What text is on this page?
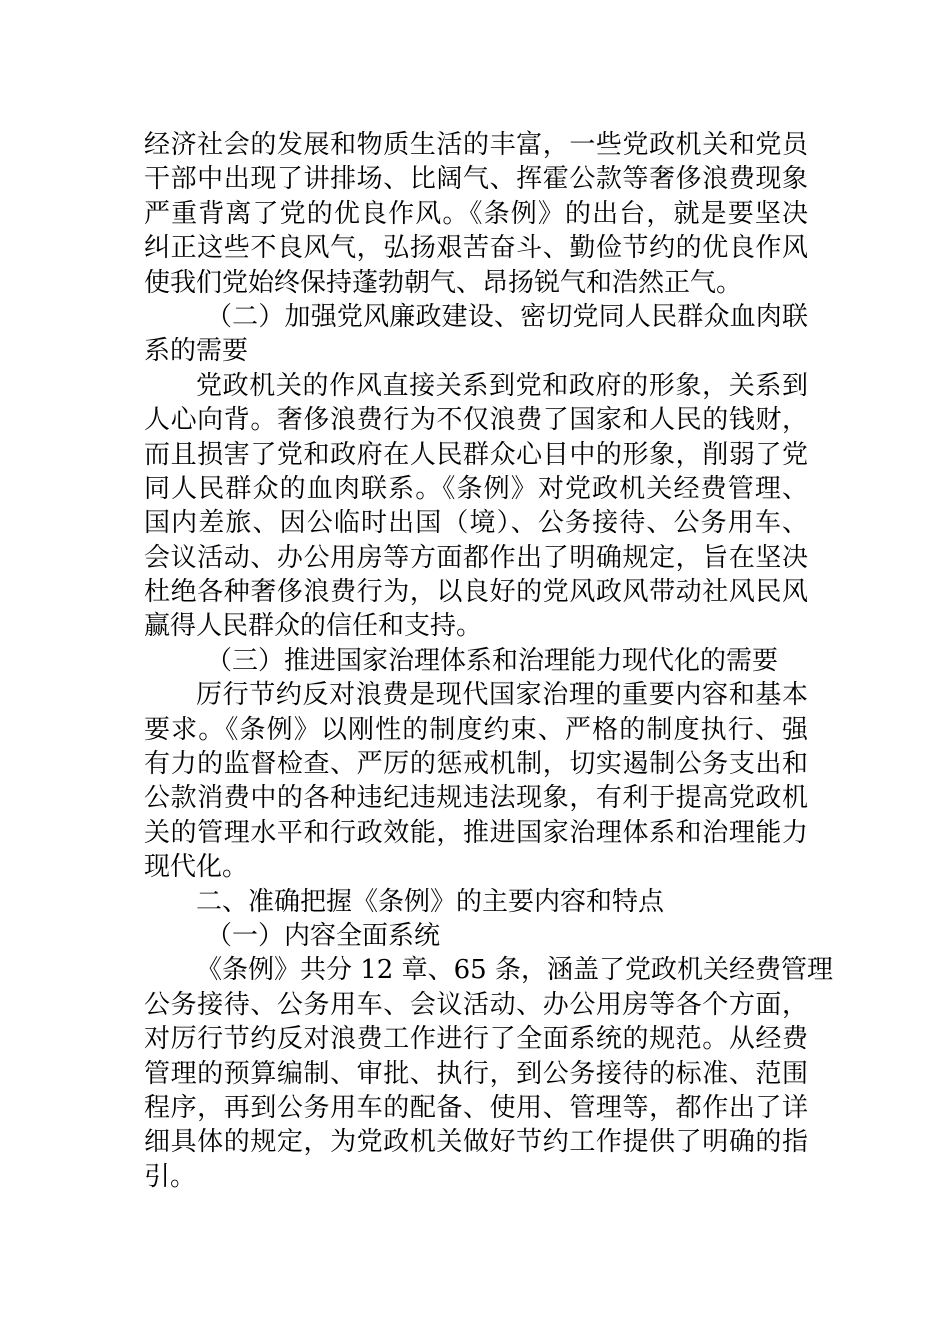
经济社会的发展和物质生活的丰富，一些党政机关和党员
干部中出现了讲排场、比阔气、挥霍公款等奢侈浪费现象
严重背离了党的优良作风。《条例》的出台，就是要坚决
纠正这些不良风气，弘扬艰苦奋斗、勤俭节约的优良作风
使我们党始终保持蓬勃朝气、昂扬锐气和浩然正气。
（二）加强党风廉政建设、密切党同人民群众血肉联
系的需要
党政机关的作风直接关系到党和政府的形象，关系到
人心向背。奢侈浪费行为不仅浪费了国家和人民的钱财，
而且损害了党和政府在人民群众心目中的形象，削弱了党
同人民群众的血肉联系。《条例》对党政机关经费管理、
国内差旅、因公临时出国（境）、公务接待、公务用车、
会议活动、办公用房等方面都作出了明确规定，旨在坚决
杜绝各种奢侈浪费行为，以良好的党风政风带动社风民风
赢得人民群众的信任和支持。
（三）推进国家治理体系和治理能力现代化的需要
厉行节约反对浪费是现代国家治理的重要内容和基本
要求。《条例》以刚性的制度约束、严格的制度执行、强
有力的监督检查、严厉的惩戒机制，切实遏制公务支出和
公款消费中的各种违纪违规违法现象，有利于提高党政机
关的管理水平和行政效能，推进国家治理体系和治理能力
现代化。
二、准确把握《条例》的主要内容和特点
（一）内容全面系统
《条例》共分 12 章、65 条，涵盖了党政机关经费管理
公务接待、公务用车、会议活动、办公用房等各个方面，
对厉行节约反对浪费工作进行了全面系统的规范。从经费
管理的预算编制、审批、执行，到公务接待的标准、范围
程序，再到公务用车的配备、使用、管理等，都作出了详
细具体的规定，为党政机关做好节约工作提供了明确的指
引。
